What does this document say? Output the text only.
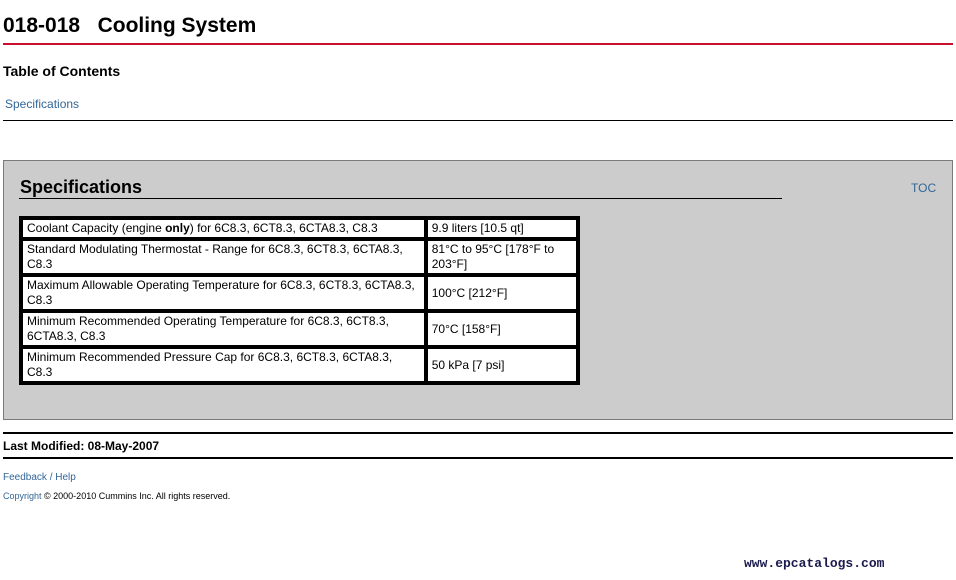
018-018   Cooling System
Table of Contents
Specifications
Specifications	TOC
Coolant Capacity (engine only) for 6C8.3, 6CT8.3, 6CTA8.3, C8.3	9.9 liters [10.5 qt]
Standard Modulating Thermostat - Range for 6C8.3, 6CT8.3, 6CTA8.3, C8.3	81°C to 95°C [178°F to 203°F]
Maximum Allowable Operating Temperature for 6C8.3, 6CT8.3, 6CTA8.3, C8.3	100°C [212°F]
Minimum Recommended Operating Temperature for 6C8.3, 6CT8.3, 6CTA8.3, C8.3	70°C [158°F]
Minimum Recommended Pressure Cap for 6C8.3, 6CT8.3, 6CTA8.3, C8.3	50 kPa [7 psi]
Last Modified: 08-May-2007
Feedback / Help
Copyright © 2000-2010 Cummins Inc. All rights reserved.
www.epcatalogs.com
